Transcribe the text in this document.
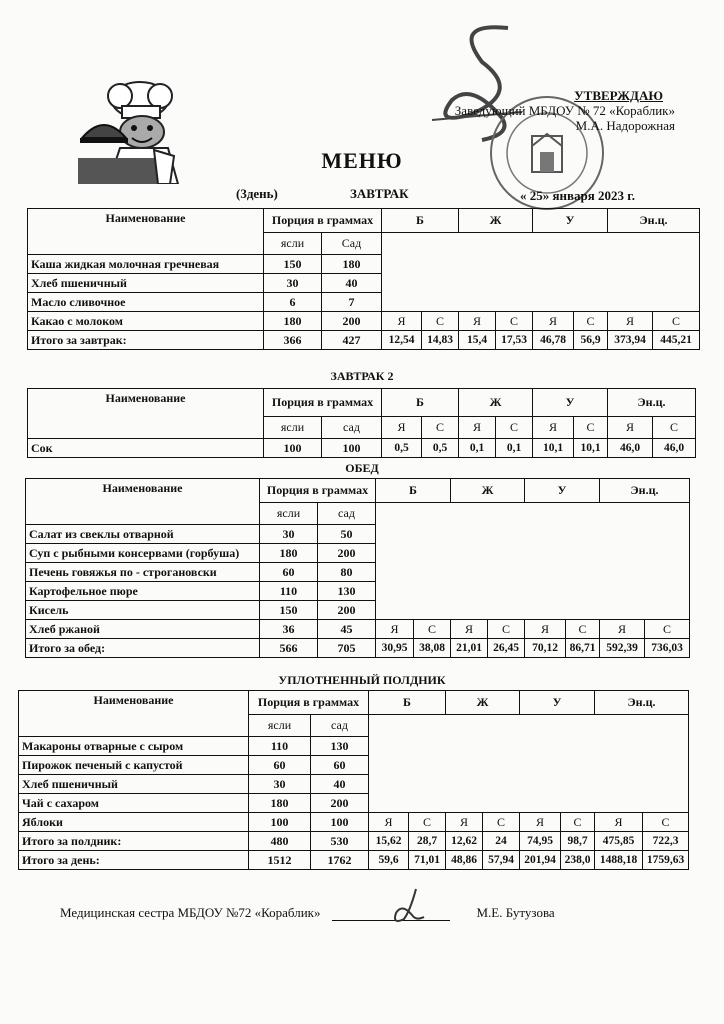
УТВЕРЖДАЮ
Заведующий МБДОУ № 72 «Кораблик»
М.А. Надорожная
МЕНЮ
(3день)	ЗАВТРАК	« 25» января 2023 г.
Наименование	Порция в граммах		Б		Ж		У		Эн.ц.	
	ясли	Сад								
Каша жидкая молочная гречневая	150	180								
Хлеб пшеничный	30	40								
Масло сливочное	6	7								
Какао с молоком	180	200	Я	С	Я	С	Я	С	Я	С
Итого за завтрак:	366	427	12,54	14,83	15,4	17,53	46,78	56,9	373,94	445,21
ЗАВТРАК 2
Наименование	Порция в граммах		Б		Ж		У		Эн.ц.	
	ясли	сад	Я	С	Я	С	Я	С	Я	С
Сок	100	100	0,5	0,5	0,1	0,1	10,1	10,1	46,0	46,0
ОБЕД
Наименование	Порция в граммах		Б		Ж		У		Эн.ц.	
	ясли	сад								
Салат из свеклы отварной	30	50								
Суп с рыбными консервами (горбуша)	180	200								
Печень говяжья по - строгановски	60	80								
Картофельное пюре	110	130								
Кисель	150	200								
Хлеб ржаной	36	45	Я	С	Я	С	Я	С	Я	С
Итого за обед:	566	705	30,95	38,08	21,01	26,45	70,12	86,71	592,39	736,03
УПЛОТНЕННЫЙ ПОЛДНИК
Наименование	Порция в граммах		Б		Ж		У		Эн.ц.	
	ясли	сад								
Макароны отварные с сыром	110	130								
Пирожок печеный с капустой	60	60								
Хлеб пшеничный	30	40								
Чай с сахаром	180	200								
Яблоки	100	100	Я	С	Я	С	Я	С	Я	С
Итого за полдник:	480	530	15,62	28,7	12,62	24	74,95	98,7	475,85	722,3
Итого за день:	1512	1762	59,6	71,01	48,86	57,94	201,94	238,0	1488,18	1759,63
Медицинская сестра МБДОУ №72 «Кораблик»	М.Е. Бутузова
